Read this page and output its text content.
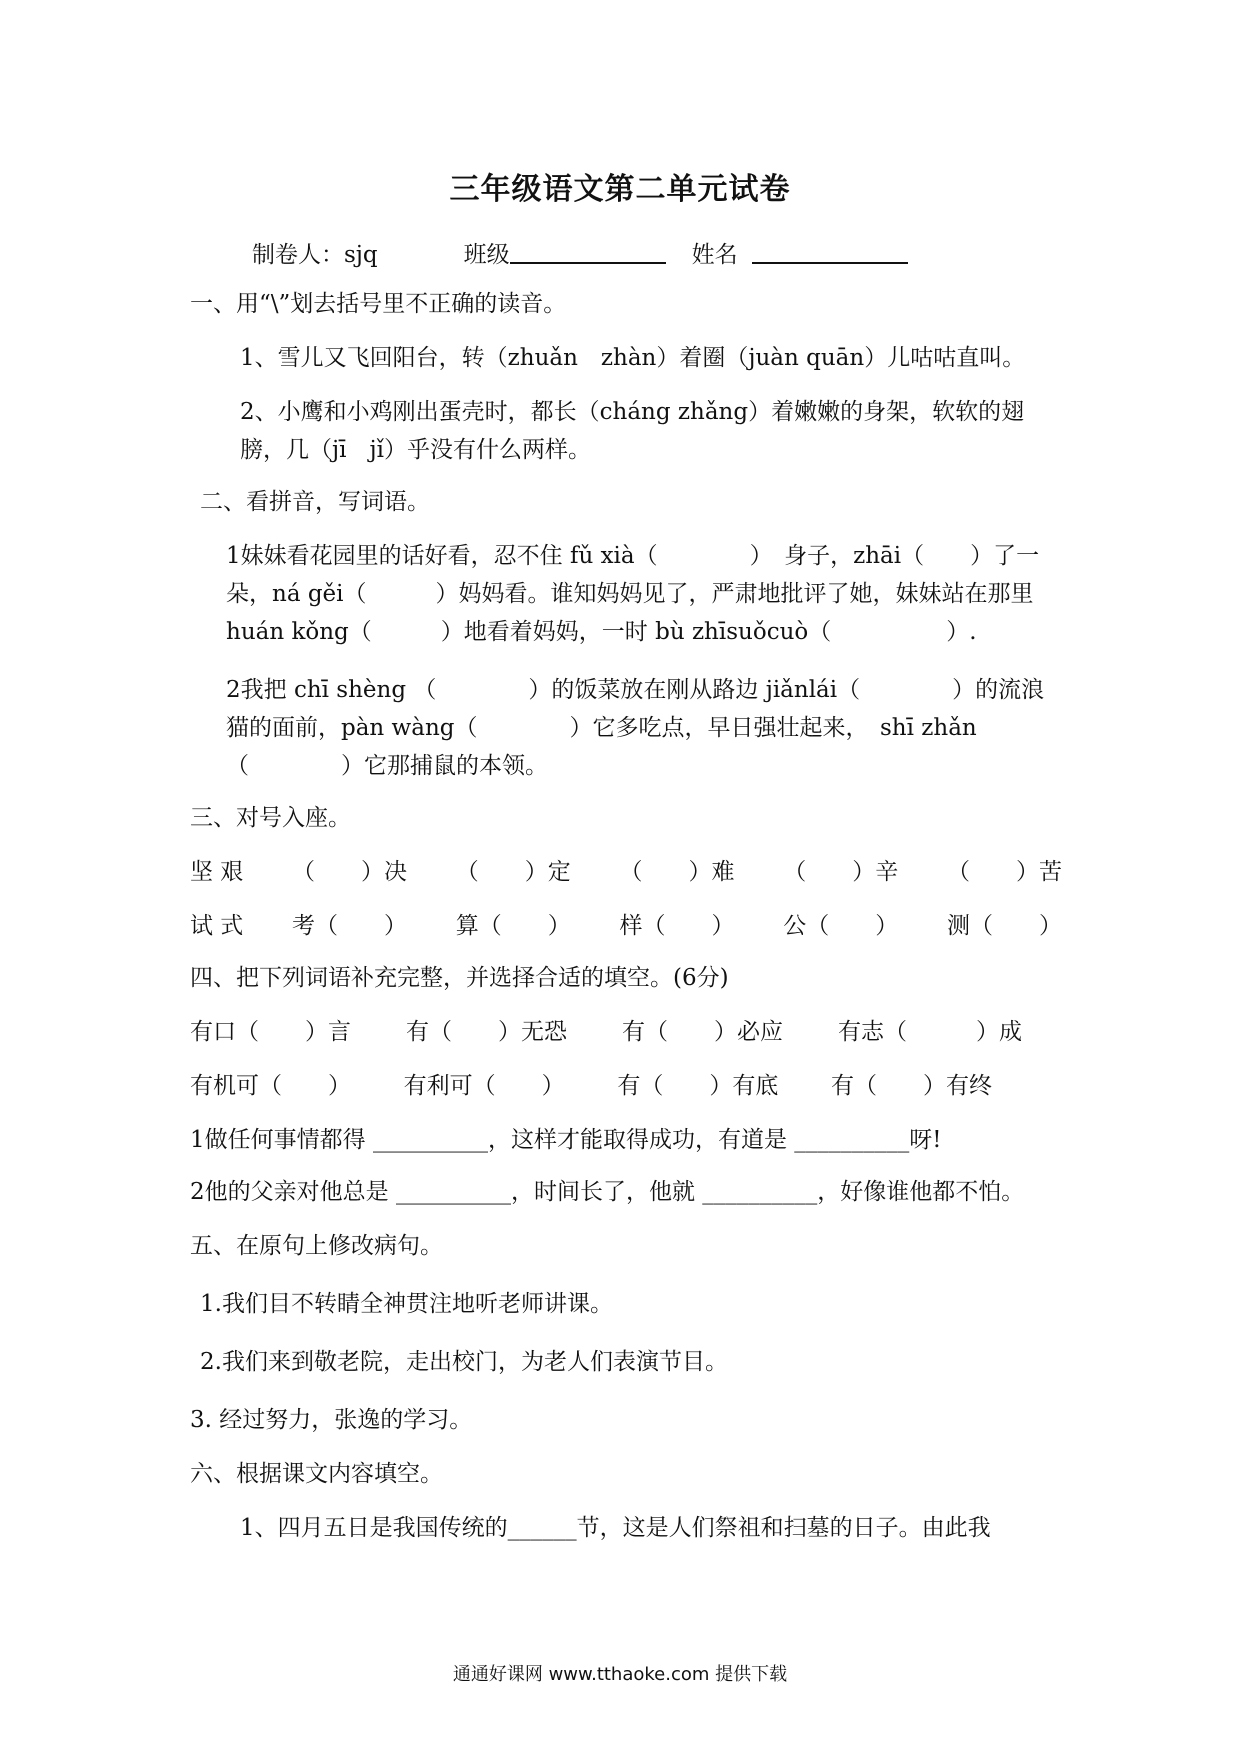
三年级语文第二单元试卷
制卷人：sjq	班级	姓名
一、用“\”划去括号里不正确的读音。
1、雪儿又飞回阳台，转（zhuǎn　zhàn）着圈（juàn quān）儿咕咕直叫。
2、小鹰和小鸡刚出蛋壳时，都长（cháng zhǎng）着嫩嫩的身架，软软的翅膀，几（jī　jǐ）乎没有什么两样。
二、看拼音，写词语。
1妹妹看花园里的话好看，忍不住 fǔ xià（　　　　）　身子，zhāi（　　）了一朵，ná gěi（　　　）妈妈看。谁知妈妈见了，严肃地批评了她，妹妹站在那里 huán kǒng（　　　）地看着妈妈，一时 bù zhīsuǒcuò（　　　　　）.
2我把 chī shèng （　　　　）的饭菜放在刚从路边 jiǎnlái（　　　　）的流浪猫的面前，pàn wàng（　　　　）它多吃点，早日强壮起来，　shī zhǎn（　　　　）它那捕鼠的本领。
三、对号入座。
坚 艰 （　　）决 （　　）定 （　　）难 （　　）辛 （　　）苦
试 式 考（　　） 算（　　） 样（　　） 公（　　） 测（　　）
四、把下列词语补充完整，并选择合适的填空。(6分)
有口（　　）言 有（　　）无恐 有（　　）必应 有志（　　　）成
有机可（　　） 有利可（　　） 有（　　）有底 有（　　）有终
1做任何事情都得 __________，这样才能取得成功，有道是 __________呀!
2他的父亲对他总是 __________，时间长了，他就 __________，好像谁他都不怕。
五、在原句上修改病句。
1.我们目不转睛全神贯注地听老师讲课。
2.我们来到敬老院，走出校门，为老人们表演节目。
3. 经过努力，张逸的学习。
六、根据课文内容填空。
1、四月五日是我国传统的______节，这是人们祭祖和扫墓的日子。由此我
通通好课网 www.tthaoke.com 提供下载
